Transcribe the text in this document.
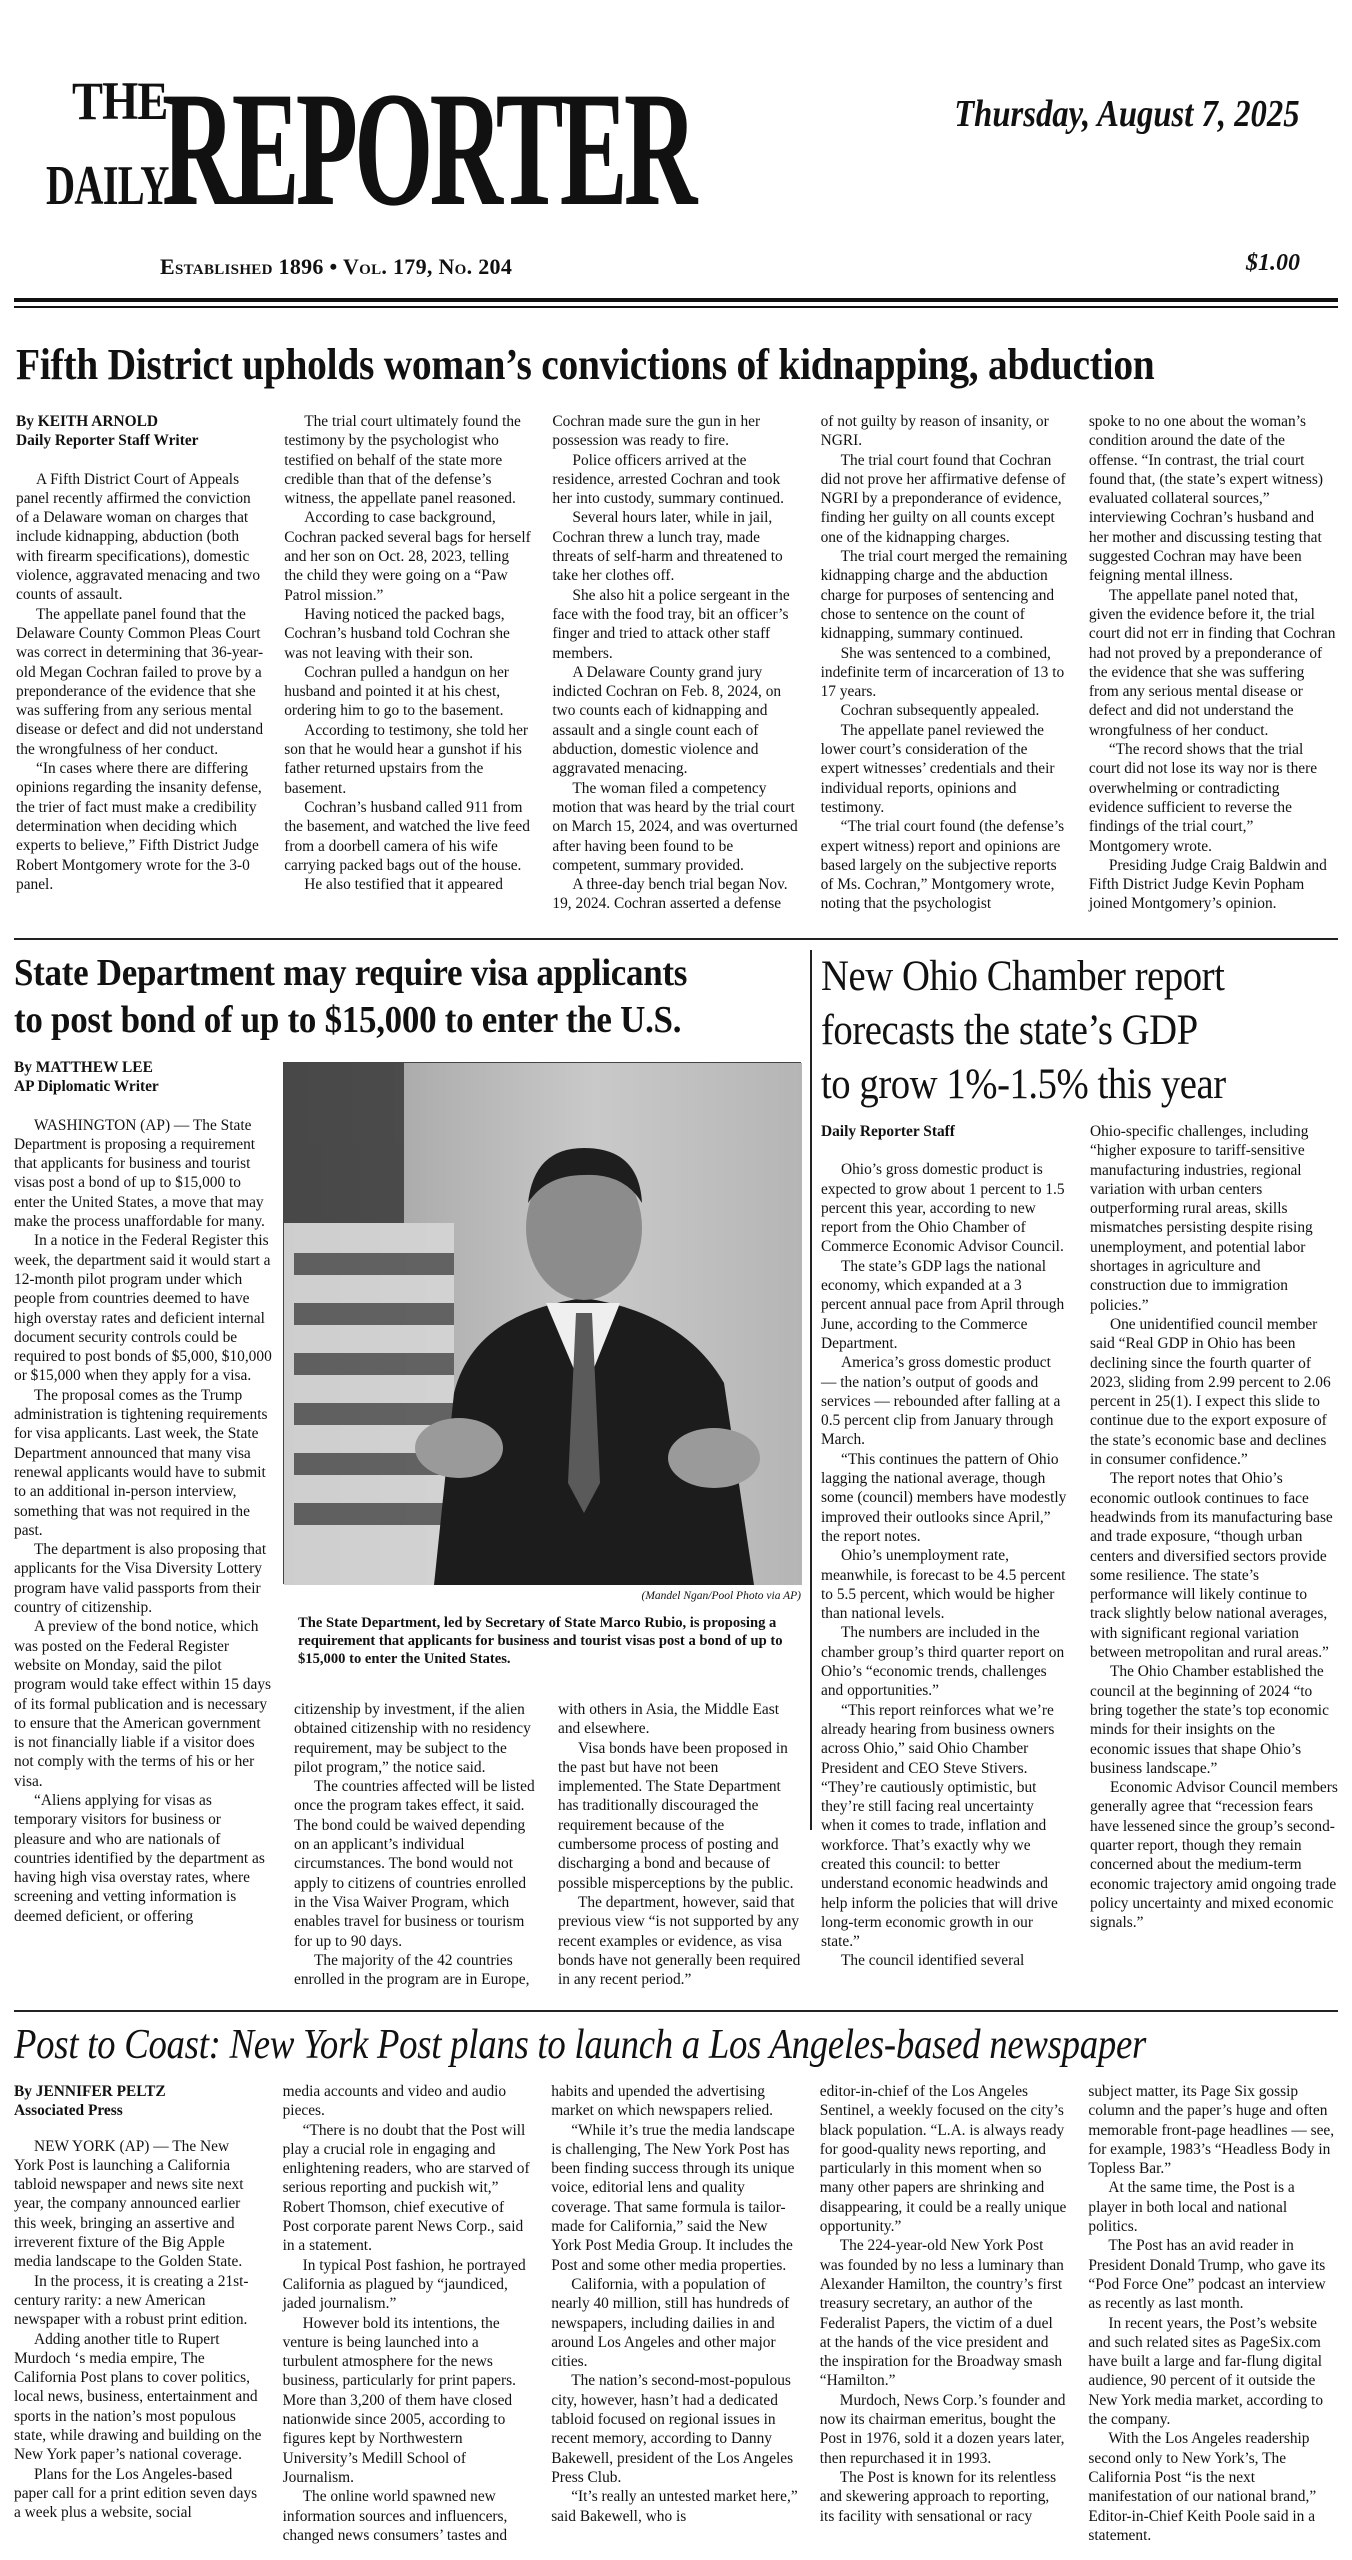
THE
DAILY
REPORTER	Thursday, August 7, 2025
Established 1896 • Vol. 179, No. 204	$1.00
Fifth District upholds woman’s convictions of kidnapping, abduction
By KEITH ARNOLD
Daily Reporter Staff Writer

A Fifth District Court of Appeals panel recently affirmed the conviction of a Delaware woman on charges that include kidnapping, abduction (both with firearm specifications), domestic violence, aggravated menacing and two counts of assault.

The appellate panel found that the Delaware County Common Pleas Court was correct in determining that 36-year-old Megan Cochran failed to prove by a preponderance of the evidence that she was suffering from any serious mental disease or defect and did not understand the wrongfulness of her conduct.

“In cases where there are differing opinions regarding the insanity defense, the trier of fact must make a credibility determination when deciding which experts to believe,” Fifth District Judge Robert Montgomery wrote for the 3-0 panel.

The trial court ultimately found the testimony by the psychologist who testified on behalf of the state more credible than that of the defense’s witness, the appellate panel reasoned.

According to case background, Cochran packed several bags for herself and her son on Oct. 28, 2023, telling the child they were going on a “Paw Patrol mission.”

Having noticed the packed bags, Cochran’s husband told Cochran she was not leaving with their son.

Cochran pulled a handgun on her husband and pointed it at his chest, ordering him to go to the basement.

According to testimony, she told her son that he would hear a gunshot if his father returned upstairs from the basement.

Cochran’s husband called 911 from the basement, and watched the live feed from a doorbell camera of his wife carrying packed bags out of the house.

He also testified that it appeared

Cochran made sure the gun in her possession was ready to fire.

Police officers arrived at the residence, arrested Cochran and took her into custody, summary continued.

Several hours later, while in jail, Cochran threw a lunch tray, made threats of self-harm and threatened to take her clothes off.

She also hit a police sergeant in the face with the food tray, bit an officer’s finger and tried to attack other staff members.

A Delaware County grand jury indicted Cochran on Feb. 8, 2024, on two counts each of kidnapping and assault and a single count each of abduction, domestic violence and aggravated menacing.

The woman filed a competency motion that was heard by the trial court on March 15, 2024, and was overturned after having been found to be competent, summary provided.

A three-day bench trial began Nov. 19, 2024. Cochran asserted a defense

of not guilty by reason of insanity, or NGRI.

The trial court found that Cochran did not prove her affirmative defense of NGRI by a preponderance of evidence, finding her guilty on all counts except one of the kidnapping charges.

The trial court merged the remaining kidnapping charge and the abduction charge for purposes of sentencing and chose to sentence on the count of kidnapping, summary continued.

She was sentenced to a combined, indefinite term of incarceration of 13 to 17 years.

Cochran subsequently appealed.

The appellate panel reviewed the lower court’s consideration of the expert witnesses’ credentials and their individual reports, opinions and testimony.

“The trial court found (the defense’s expert witness) report and opinions are based largely on the subjective reports of Ms. Cochran,” Montgomery wrote, noting that the psychologist

spoke to no one about the woman’s condition around the date of the offense. “In contrast, the trial court found that, (the state’s expert witness) evaluated collateral sources,” interviewing Cochran’s husband and her mother and discussing testing that suggested Cochran may have been feigning mental illness.

The appellate panel noted that, given the evidence before it, the trial court did not err in finding that Cochran had not proved by a preponderance of the evidence that she was suffering from any serious mental disease or defect and did not understand the wrongfulness of her conduct.

“The record shows that the trial court did not lose its way nor is there overwhelming or contradicting evidence sufficient to reverse the findings of the trial court,” Montgomery wrote.

Presiding Judge Craig Baldwin and Fifth District Judge Kevin Popham joined Montgomery’s opinion.

State Department may require visa applicants
to post bond of up to $15,000 to enter the U.S.
By MATTHEW LEE
AP Diplomatic Writer

WASHINGTON (AP) — The State Department is proposing a requirement that applicants for business and tourist visas post a bond of up to $15,000 to enter the United States, a move that may make the process unaffordable for many.

In a notice in the Federal Register this week, the department said it would start a 12-month pilot program under which people from countries deemed to have high overstay rates and deficient internal document security controls could be required to post bonds of $5,000, $10,000 or $15,000 when they apply for a visa.

The proposal comes as the Trump administration is tightening requirements for visa applicants. Last week, the State Department announced that many visa renewal applicants would have to submit to an additional in-person interview, something that was not required in the past.

The department is also proposing that applicants for the Visa Diversity Lottery program have valid passports from their country of citizenship.

A preview of the bond notice, which was posted on the Federal Register website on Monday, said the pilot program would take effect within 15 days of its formal publication and is necessary to ensure that the American government is not financially liable if a visitor does not comply with the terms of his or her visa.

“Aliens applying for visas as temporary visitors for business or pleasure and who are nationals of countries identified by the department as having high visa overstay rates, where screening and vetting information is deemed deficient, or offering

(Mandel Ngan/Pool Photo via AP)
The State Department, led by Secretary of State Marco Rubio, is proposing a requirement that applicants for business and tourist visas post a bond of up to $15,000 to enter the United States.

citizenship by investment, if the alien obtained citizenship with no residency requirement, may be subject to the pilot program,” the notice said.

The countries affected will be listed once the program takes effect, it said. The bond could be waived depending on an applicant’s individual circumstances. The bond would not apply to citizens of countries enrolled in the Visa Waiver Program, which enables travel for business or tourism for up to 90 days.

The majority of the 42 countries enrolled in the program are in Europe,

with others in Asia, the Middle East and elsewhere.

Visa bonds have been proposed in the past but have not been implemented. The State Department has traditionally discouraged the requirement because of the cumbersome process of posting and discharging a bond and because of possible misperceptions by the public.

The department, however, said that previous view “is not supported by any recent examples or evidence, as visa bonds have not generally been required in any recent period.”

New Ohio Chamber report
forecasts the state’s GDP
to grow 1%-1.5% this year
Daily Reporter Staff

Ohio’s gross domestic product is expected to grow about 1 percent to 1.5 percent this year, according to new report from the Ohio Chamber of Commerce Economic Advisor Council.

The state’s GDP lags the national economy, which expanded at a 3 percent annual pace from April through June, according to the Commerce Department.

America’s gross domestic product — the nation’s output of goods and services — rebounded after falling at a 0.5 percent clip from January through March.

“This continues the pattern of Ohio lagging the national average, though some (council) members have modestly improved their outlooks since April,” the report notes.

Ohio’s unemployment rate, meanwhile, is forecast to be 4.5 percent to 5.5 percent, which would be higher than national levels.

The numbers are included in the chamber group’s third quarter report on Ohio’s “economic trends, challenges and opportunities.”

“This report reinforces what we’re already hearing from business owners across Ohio,” said Ohio Chamber President and CEO Steve Stivers. “They’re cautiously optimistic, but they’re still facing real uncertainty when it comes to trade, inflation and workforce. That’s exactly why we created this council: to better understand economic headwinds and help inform the policies that will drive long-term economic growth in our state.”

The council identified several

Ohio-specific challenges, including “higher exposure to tariff-sensitive manufacturing industries, regional variation with urban centers outperforming rural areas, skills mismatches persisting despite rising unemployment, and potential labor shortages in agriculture and construction due to immigration policies.”

One unidentified council member said “Real GDP in Ohio has been declining since the fourth quarter of 2023, sliding from 2.99 percent to 2.06 percent in 25(1). I expect this slide to continue due to the export exposure of the state’s economic base and declines in consumer confidence.”

The report notes that Ohio’s economic outlook continues to face headwinds from its manufacturing base and trade exposure, “though urban centers and diversified sectors provide some resilience. The state’s performance will likely continue to track slightly below national averages, with significant regional variation between metropolitan and rural areas.”

The Ohio Chamber established the council at the beginning of 2024 “to bring together the state’s top economic minds for their insights on the economic issues that shape Ohio’s business landscape.”

Economic Advisor Council members generally agree that “recession fears have lessened since the group’s second-quarter report, though they remain concerned about the medium-term economic trajectory amid ongoing trade policy uncertainty and mixed economic signals.”

Post to Coast: New York Post plans to launch a Los Angeles-based newspaper
By JENNIFER PELTZ
Associated Press

NEW YORK (AP) — The New York Post is launching a California tabloid newspaper and news site next year, the company announced earlier this week, bringing an assertive and irreverent fixture of the Big Apple media landscape to the Golden State.

In the process, it is creating a 21st-century rarity: a new American newspaper with a robust print edition.

Adding another title to Rupert Murdoch ‘s media empire, The California Post plans to cover politics, local news, business, entertainment and sports in the nation’s most populous state, while drawing and building on the New York paper’s national coverage.

Plans for the Los Angeles-based paper call for a print edition seven days a week plus a website, social

media accounts and video and audio pieces.

“There is no doubt that the Post will play a crucial role in engaging and enlightening readers, who are starved of serious reporting and puckish wit,” Robert Thomson, chief executive of Post corporate parent News Corp., said in a statement.

In typical Post fashion, he portrayed California as plagued by “jaundiced, jaded journalism.”

However bold its intentions, the venture is being launched into a turbulent atmosphere for the news business, particularly for print papers. More than 3,200 of them have closed nationwide since 2005, according to figures kept by Northwestern University’s Medill School of Journalism.

The online world spawned new information sources and influencers, changed news consumers’ tastes and

habits and upended the advertising market on which newspapers relied.

“While it’s true the media landscape is challenging, The New York Post has been finding success through its unique voice, editorial lens and quality coverage. That same formula is tailor-made for California,” said the New York Post Media Group. It includes the Post and some other media properties.

California, with a population of nearly 40 million, still has hundreds of newspapers, including dailies in and around Los Angeles and other major cities.

The nation’s second-most-populous city, however, hasn’t had a dedicated tabloid focused on regional issues in recent memory, according to Danny Bakewell, president of the Los Angeles Press Club.

“It’s really an untested market here,” said Bakewell, who is

editor-in-chief of the Los Angeles Sentinel, a weekly focused on the city’s black population. “L.A. is always ready for good-quality news reporting, and particularly in this moment when so many other papers are shrinking and disappearing, it could be a really unique opportunity.”

The 224-year-old New York Post was founded by no less a luminary than Alexander Hamilton, the country’s first treasury secretary, an author of the Federalist Papers, the victim of a duel at the hands of the vice president and the inspiration for the Broadway smash “Hamilton.”

Murdoch, News Corp.’s founder and now its chairman emeritus, bought the Post in 1976, sold it a dozen years later, then repurchased it in 1993.

The Post is known for its relentless and skewering approach to reporting, its facility with sensational or racy

subject matter, its Page Six gossip column and the paper’s huge and often memorable front-page headlines — see, for example, 1983’s “Headless Body in Topless Bar.”

At the same time, the Post is a player in both local and national politics.

The Post has an avid reader in President Donald Trump, who gave its “Pod Force One” podcast an interview as recently as last month.

In recent years, the Post’s website and such related sites as PageSix.com have built a large and far-flung digital audience, 90 percent of it outside the New York media market, according to the company.

With the Los Angeles readership second only to New York’s, The California Post “is the next manifestation of our national brand,” Editor-in-Chief Keith Poole said in a statement.
